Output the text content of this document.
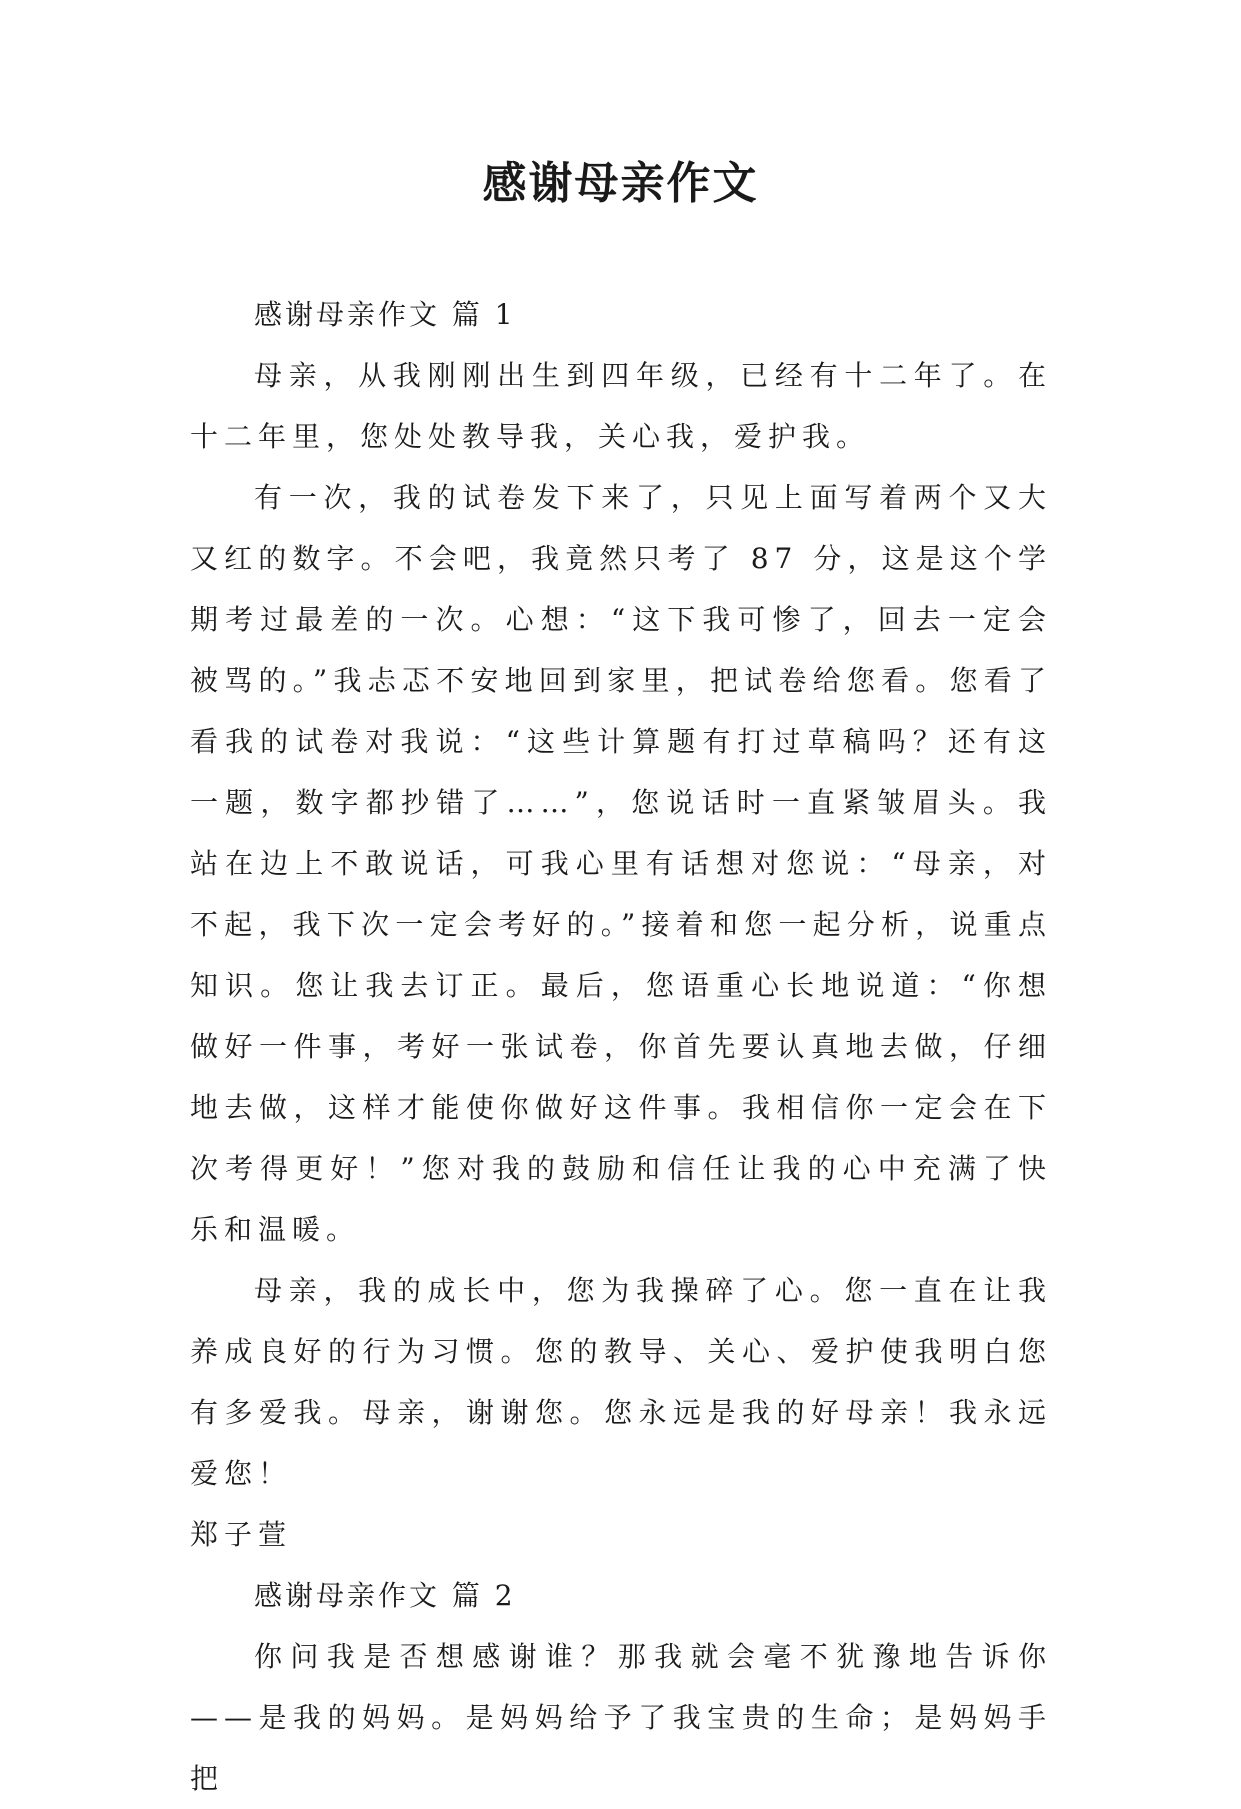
感谢母亲作文

感谢母亲作文 篇 1

母亲，从我刚刚出生到四年级，已经有十二年了。在十二年里，您处处教导我，关心我，爱护我。

有一次，我的试卷发下来了，只见上面写着两个又大又红的数字。不会吧，我竟然只考了 87 分，这是这个学期考过最差的一次。心想：“这下我可惨了，回去一定会被骂的。”我忐忑不安地回到家里，把试卷给您看。您看了看我的试卷对我说：“这些计算题有打过草稿吗？还有这一题，数字都抄错了……”，您说话时一直紧皱眉头。我站在边上不敢说话，可我心里有话想对您说：“母亲，对不起，我下次一定会考好的。”接着和您一起分析，说重点知识。您让我去订正。最后，您语重心长地说道：“你想做好一件事，考好一张试卷，你首先要认真地去做，仔细地去做，这样才能使你做好这件事。我相信你一定会在下次考得更好！”您对我的鼓励和信任让我的心中充满了快乐和温暖。

母亲，我的成长中，您为我操碎了心。您一直在让我养成良好的行为习惯。您的教导、关心、爱护使我明白您有多爱我。母亲，谢谢您。您永远是我的好母亲！我永远爱您！

郑子萱

感谢母亲作文 篇 2

你问我是否想感谢谁？那我就会毫不犹豫地告诉你——是我的妈妈。是妈妈给予了我宝贵的生命；是妈妈手把
